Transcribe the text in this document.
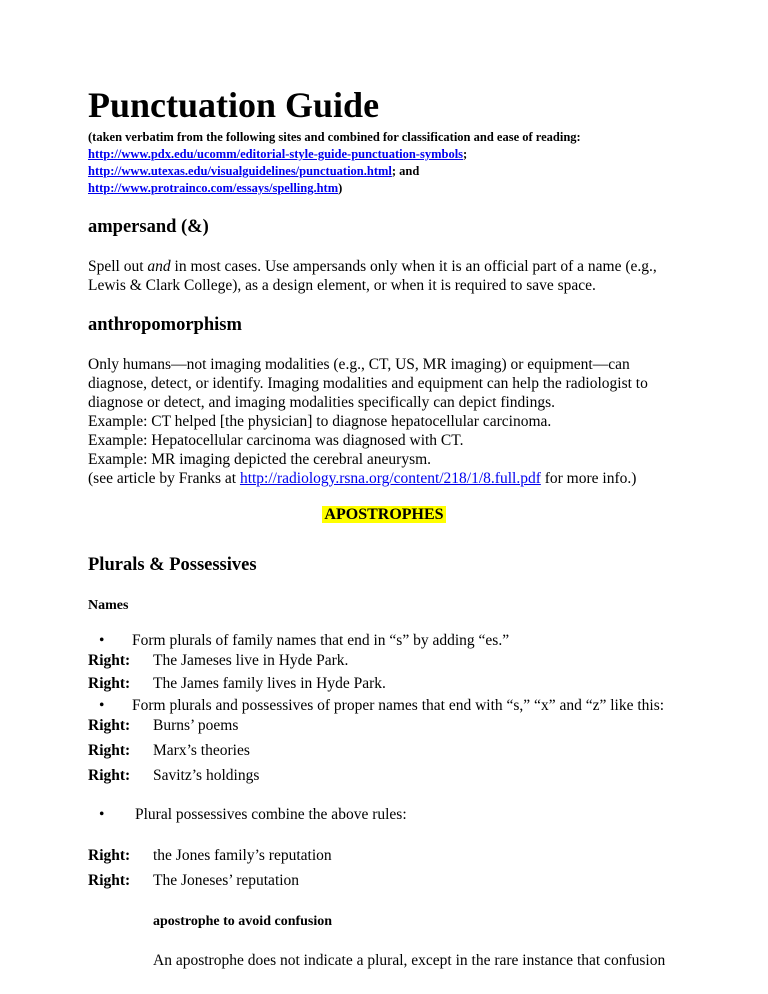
Punctuation Guide
(taken verbatim from the following sites and combined for classification and ease of reading:
http://www.pdx.edu/ucomm/editorial-style-guide-punctuation-symbols;
http://www.utexas.edu/visualguidelines/punctuation.html; and
http://www.protrainco.com/essays/spelling.htm)
ampersand (&)
Spell out and in most cases. Use ampersands only when it is an official part of a name (e.g.,
Lewis & Clark College), as a design element, or when it is required to save space.
anthropomorphism
Only humans—not imaging modalities (e.g., CT, US, MR imaging) or equipment—can
diagnose, detect, or identify. Imaging modalities and equipment can help the radiologist to
diagnose or detect, and imaging modalities specifically can depict findings.
Example: CT helped [the physician] to diagnose hepatocellular carcinoma.
Example: Hepatocellular carcinoma was diagnosed with CT.
Example: MR imaging depicted the cerebral aneurysm.
(see article by Franks at http://radiology.rsna.org/content/218/1/8.full.pdf for more info.)
APOSTROPHES
Plurals & Possessives
Names
• Form plurals of family names that end in “s” by adding “es.”
Right: The Jameses live in Hyde Park.
Right: The James family lives in Hyde Park.
• Form plurals and possessives of proper names that end with “s,” “x” and “z” like this:
Right: Burns’ poems
Right: Marx’s theories
Right: Savitz’s holdings
• Plural possessives combine the above rules:
Right: the Jones family’s reputation
Right: The Joneses’ reputation
apostrophe to avoid confusion
An apostrophe does not indicate a plural, except in the rare instance that confusion
